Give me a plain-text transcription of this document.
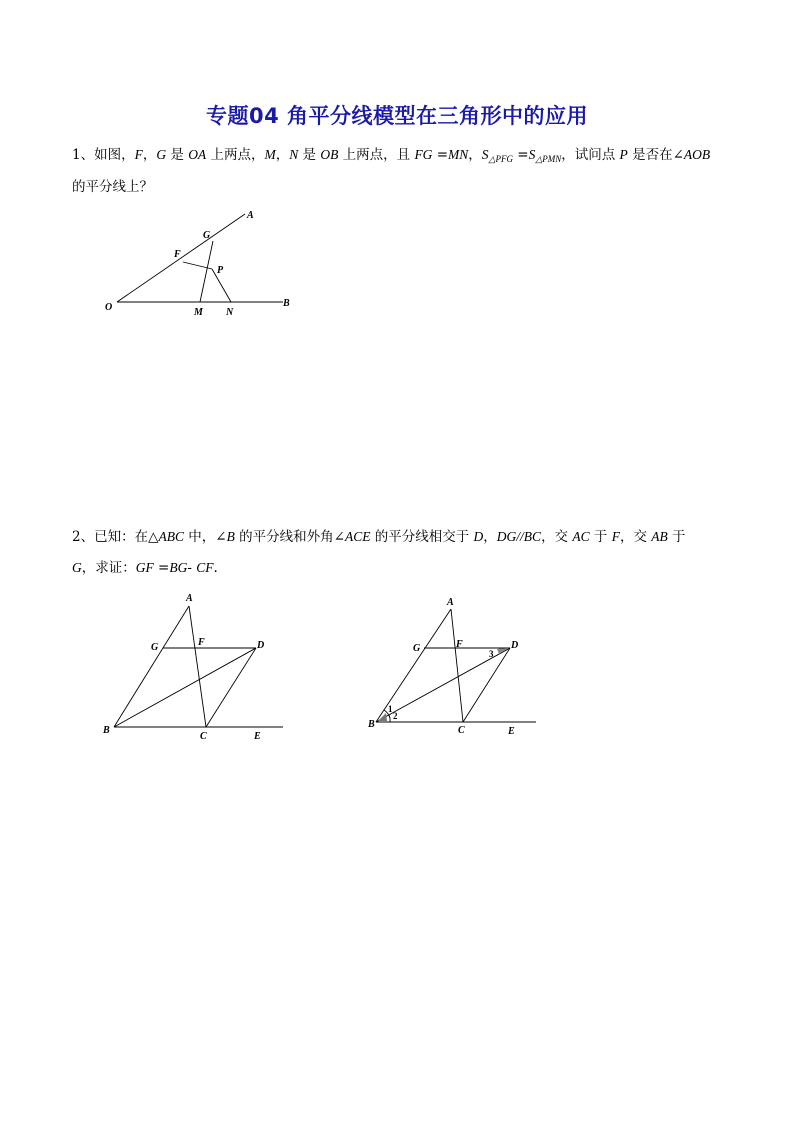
专题04 角平分线模型在三角形中的应用
1、如图，F，G 是 OA 上两点，M，N 是 OB 上两点，且 FG =MN，$S_{\triangle PFG} =S_{\triangle PMN}$，试问点 P 是否在∠AOB
的平分线上？
A
G
F
P
O	M N
B
2、已知：在△ABC 中，∠B 的平分线和外角∠ACE 的平分线相交于 D，DG//BC，交 AC 于 F，交 AB 于
G，求证：GF =BG- CF.
A
G	F	D
B
C	E
A
G	F	D
B
C	E
1
2
3
